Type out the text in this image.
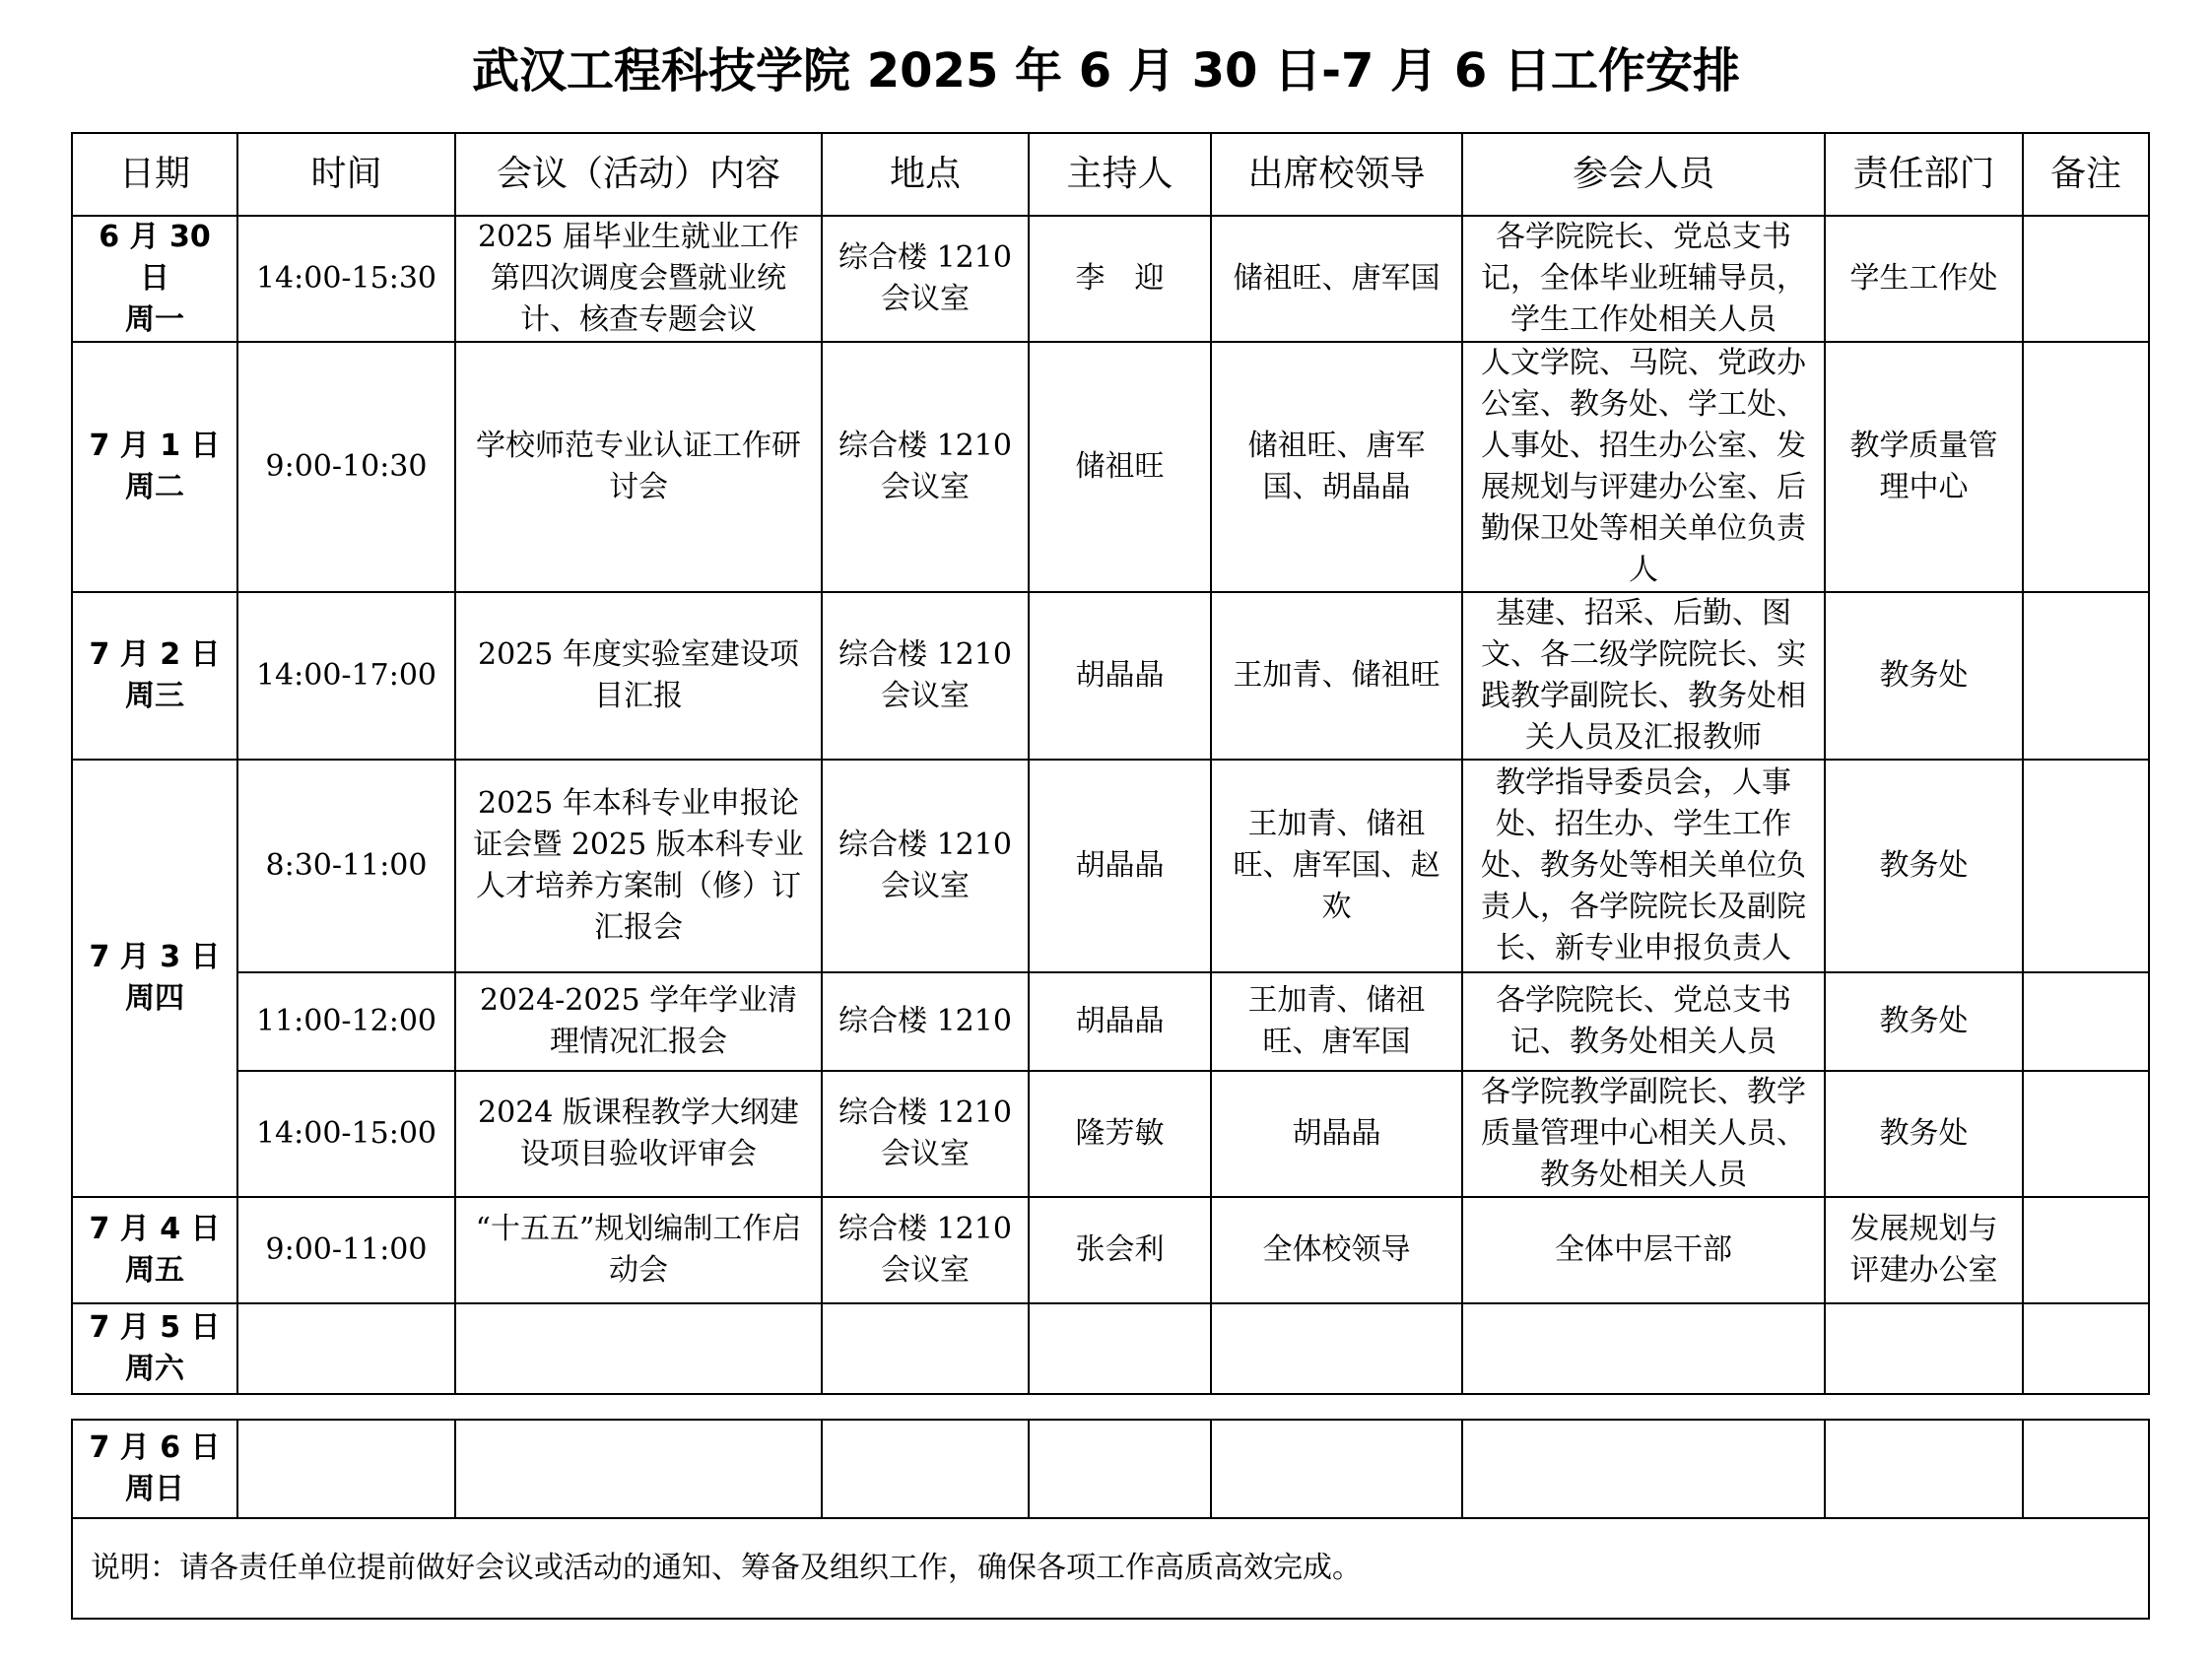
武汉工程科技学院 2025 年 6 月 30 日-7 月 6 日工作安排
日期	时间	会议（活动）内容	地点	主持人	出席校领导	参会人员	责任部门	备注

6 月 30 日
周一	14:00-15:30	2025 届毕业生就业工作第四次调度会暨就业统计、核查专题会议	综合楼 1210 会议室	李　迎	储祖旺、唐军国	各学院院长、党总支书记，全体毕业班辅导员，学生工作处相关人员	学生工作处	

7 月 1 日
周二	9:00-10:30	学校师范专业认证工作研讨会	综合楼 1210 会议室	储祖旺	储祖旺、唐军国、胡晶晶	人文学院、马院、党政办公室、教务处、学工处、人事处、招生办公室、发展规划与评建办公室、后勤保卫处等相关单位负责人	教学质量管理中心	

7 月 2 日
周三	14:00-17:00	2025 年度实验室建设项目汇报	综合楼 1210 会议室	胡晶晶	王加青、储祖旺	基建、招采、后勤、图文、各二级学院院长、实践教学副院长、教务处相关人员及汇报教师	教务处	

7 月 3 日
周四	8:30-11:00	2025 年本科专业申报论证会暨 2025 版本科专业人才培养方案制（修）订汇报会	综合楼 1210 会议室	胡晶晶	王加青、储祖旺、唐军国、赵欢	教学指导委员会，人事处、招生办、学生工作处、教务处等相关单位负责人，各学院院长及副院长、新专业申报负责人	教务处	
	11:00-12:00	2024-2025 学年学业清理情况汇报会	综合楼 1210	胡晶晶	王加青、储祖旺、唐军国	各学院院长、党总支书记、教务处相关人员	教务处	
	14:00-15:00	2024 版课程教学大纲建设项目验收评审会	综合楼 1210 会议室	隆芳敏	胡晶晶	各学院教学副院长、教学质量管理中心相关人员、教务处相关人员	教务处	

7 月 4 日
周五	9:00-11:00	“十五五”规划编制工作启动会	综合楼 1210 会议室	张会利	全体校领导	全体中层干部	发展规划与评建办公室	

7 月 5 日
周六								

7 月 6 日
周日

说明：请各责任单位提前做好会议或活动的通知、筹备及组织工作，确保各项工作高质高效完成。
